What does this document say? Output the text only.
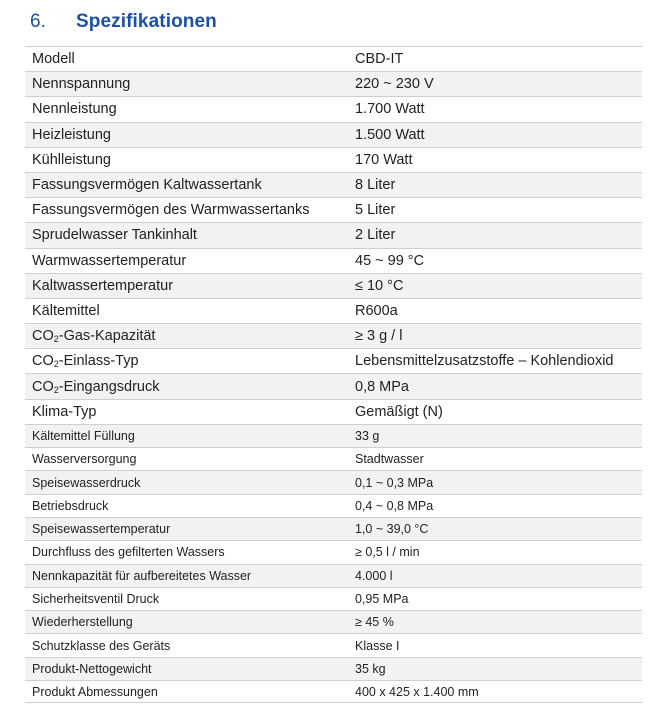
6.	Spezifikationen
Modell	CBD-IT
Nennspannung	220 ~ 230 V
Nennleistung	1.700 Watt
Heizleistung	1.500 Watt
Kühlleistung	170 Watt
Fassungsvermögen Kaltwassertank	8 Liter
Fassungsvermögen des Warmwassertanks	5 Liter
Sprudelwasser Tankinhalt	2 Liter
Warmwassertemperatur	45 ~ 99 °C
Kaltwassertemperatur	≤ 10 °C
Kältemittel	R600a
$CO_2-Gas$-Kapazität	≥ 3 g / l
$CO_2-Einlass$-Typ	Lebensmittelzusatzstoffe – Kohlendioxid
$CO_2$-Eingangsdruck	0,8 MPa
Klima-Typ	Gemäßigt (N)
Kältemittel Füllung	33 g
Wasserversorgung	Stadtwasser
Speisewasserdruck	0,1 ~ 0,3 MPa
Betriebsdruck	0,4 ~ 0,8 MPa
Speisewassertemperatur	1,0 ~ 39,0 °C
Durchfluss des gefilterten Wassers	≥ 0,5 l / min
Nennkapazität für aufbereitetes Wasser	4.000 l
Sicherheitsventil Druck	0,95 MPa
Wiederherstellung	≥ 45 %
Schutzklasse des Geräts	Klasse I
Produkt-Nettogewicht	35 kg
Produkt Abmessungen	400 x 425 x 1.400 mm
